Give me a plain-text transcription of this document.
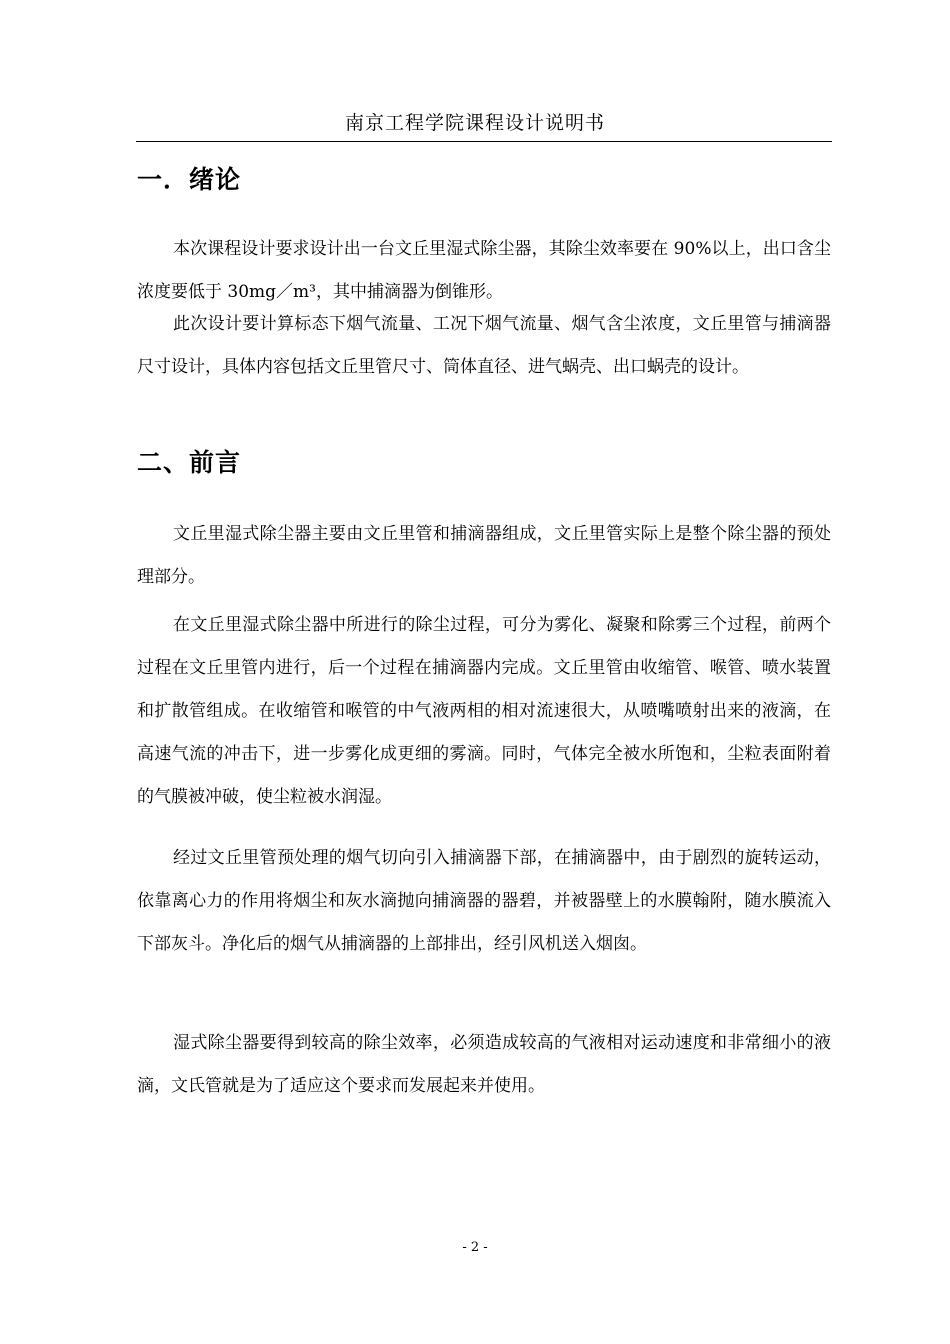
南京工程学院课程设计说明书
一．绪论

本次课程设计要求设计出一台文丘里湿式除尘器，其除尘效率要在 90%以上，出口含尘浓度要低于 30mg／m³，其中捕滴器为倒锥形。

此次设计要计算标态下烟气流量、工况下烟气流量、烟气含尘浓度，文丘里管与捕滴器尺寸设计，具体内容包括文丘里管尺寸、筒体直径、进气蜗壳、出口蜗壳的设计。

二、前言

文丘里湿式除尘器主要由文丘里管和捕滴器组成，文丘里管实际上是整个除尘器的预处理部分。

在文丘里湿式除尘器中所进行的除尘过程，可分为雾化、凝聚和除雾三个过程，前两个过程在文丘里管内进行，后一个过程在捕滴器内完成。文丘里管由收缩管、喉管、喷水装置和扩散管组成。在收缩管和喉管的中气液两相的相对流速很大，从喷嘴喷射出来的液滴，在高速气流的冲击下，进一步雾化成更细的雾滴。同时，气体完全被水所饱和，尘粒表面附着的气膜被冲破，使尘粒被水润湿。

经过文丘里管预处理的烟气切向引入捕滴器下部，在捕滴器中，由于剧烈的旋转运动，依靠离心力的作用将烟尘和灰水滴抛向捕滴器的器碧，并被器壁上的水膜翰附，随水膜流入下部灰斗。净化后的烟气从捕滴器的上部排出，经引风机送入烟囱。

湿式除尘器要得到较高的除尘效率，必须造成较高的气液相对运动速度和非常细小的液滴，文氏管就是为了适应这个要求而发展起来并使用。

- 2 -
